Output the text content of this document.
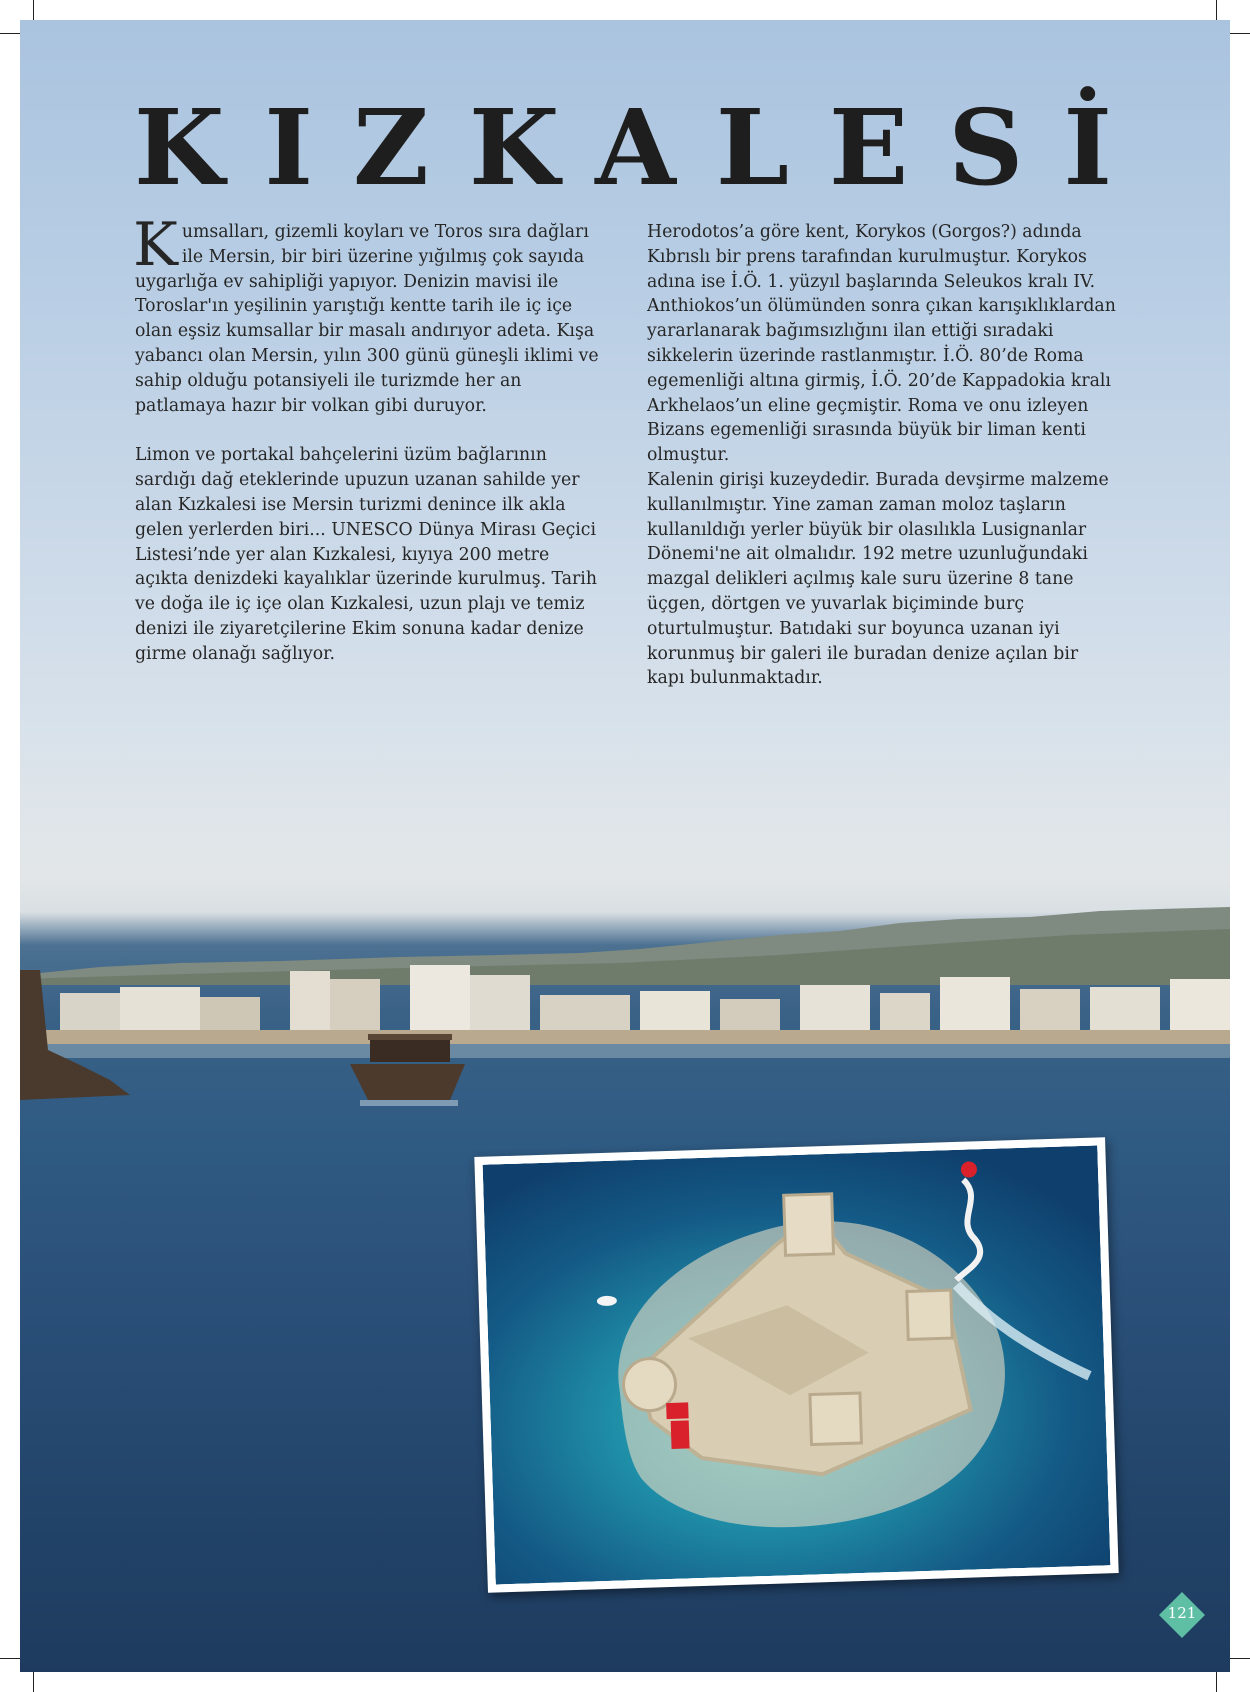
KIZKALESİ

Kumsalları, gizemli koyları ve Toros sıra dağları ile Mersin, bir biri üzerine yığılmış çok sayıda uygarlığa ev sahipliği yapıyor. Denizin mavisi ile Toroslar'ın yeşilinin yarıştığı kentte tarih ile iç içe olan eşsiz kumsallar bir masalı andırıyor adeta. Kışa yabancı olan Mersin, yılın 300 günü güneşli iklimi ve sahip olduğu potansiyeli ile turizmde her an patlamaya hazır bir volkan gibi duruyor.

Limon ve portakal bahçelerini üzüm bağlarının sardığı dağ eteklerinde upuzun uzanan sahilde yer alan Kızkalesi ise Mersin turizmi denince ilk akla gelen yerlerden biri... UNESCO Dünya Mirası Geçici Listesi’nde yer alan Kızkalesi, kıyıya 200 metre açıkta denizdeki kayalıklar üzerinde kurulmuş. Tarih ve doğa ile iç içe olan Kızkalesi, uzun plajı ve temiz denizi ile ziyaretçilerine Ekim sonuna kadar denize girme olanağı sağlıyor.

Herodotos’a göre kent, Korykos (Gorgos?) adında Kıbrıslı bir prens tarafından kurulmuştur. Korykos adına ise İ.Ö. 1. yüzyıl başlarında Seleukos kralı IV. Anthiokos’un ölümünden sonra çıkan karışıklıklardan yararlanarak bağımsızlığını ilan ettiği sıradaki sikkelerin üzerinde rastlanmıştır. İ.Ö. 80’de Roma egemenliği altına girmiş, İ.Ö. 20’de Kappadokia kralı Arkhelaos’un eline geçmiştir. Roma ve onu izleyen Bizans egemenliği sırasında büyük bir liman kenti olmuştur.

Kalenin girişi kuzeydedir. Burada devşirme malzeme kullanılmıştır. Yine zaman zaman moloz taşların kullanıldığı yerler büyük bir olasılıkla Lusignanlar Dönemi'ne ait olmalıdır. 192 metre uzunluğundaki mazgal delikleri açılmış kale suru üzerine 8 tane üçgen, dörtgen ve yuvarlak biçiminde burç oturtulmuştur. Batıdaki sur boyunca uzanan iyi korunmuş bir galeri ile buradan denize açılan bir kapı bulunmaktadır.

121
